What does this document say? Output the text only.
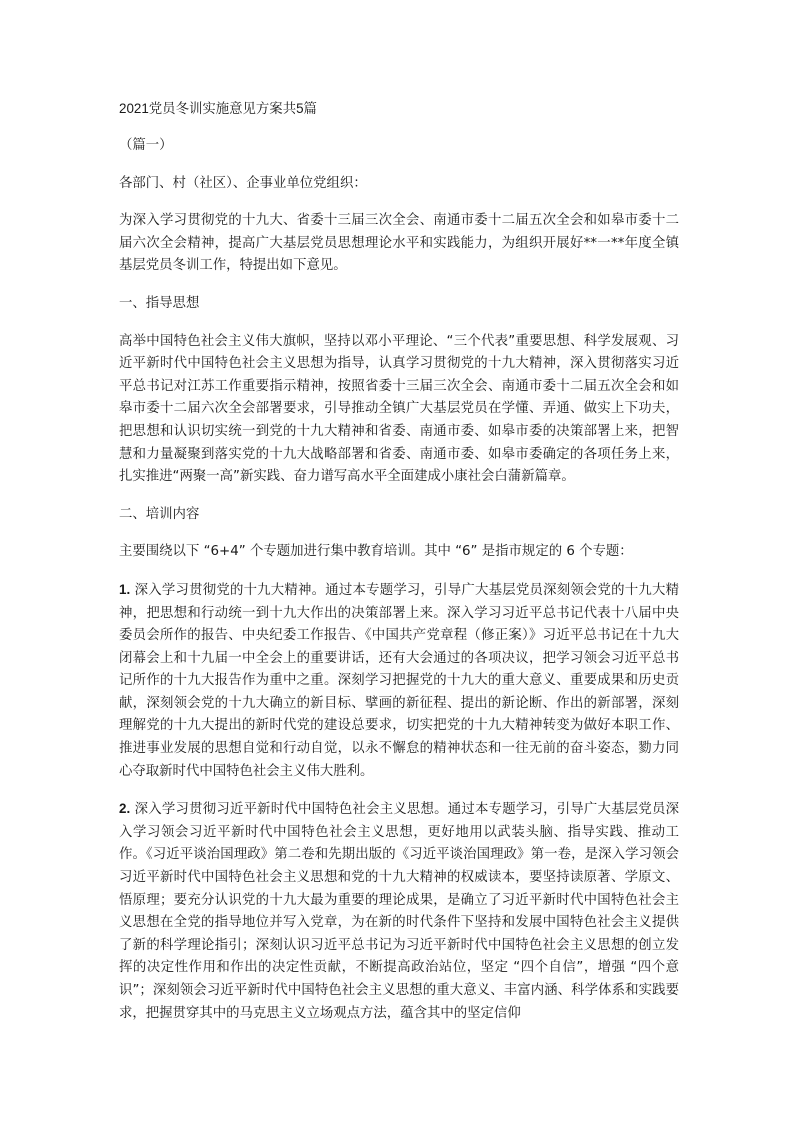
2021党员冬训实施意见方案共5篇

（篇一）

各部门、村（社区）、企事业单位党组织：

为深入学习贯彻党的十九大、省委十三届三次全会、南通市委十二届五次全会和如皋市委十二届六次全会精神，提高广大基层党员思想理论水平和实践能力，为组织开展好**一**年度全镇基层党员冬训工作，特提出如下意见。

一、指导思想

高举中国特色社会主义伟大旗帜，坚持以邓小平理论、“三个代表”重要思想、科学发展观、习近平新时代中国特色社会主义思想为指导，认真学习贯彻党的十九大精神，深入贯彻落实习近平总书记对江苏工作重要指示精神，按照省委十三届三次全会、南通市委十二届五次全会和如皋市委十二届六次全会部署要求，引导推动全镇广大基层党员在学懂、弄通、做实上下功夫，把思想和认识切实统一到党的十九大精神和省委、南通市委、如皋市委的决策部署上来，把智慧和力量凝聚到落实党的十九大战略部署和省委、南通市委、如皋市委确定的各项任务上来，扎实推进“两聚一高”新实践、奋力谱写高水平全面建成小康社会白蒲新篇章。

二、培训内容

主要围绕以下 “6+4” 个专题加进行集中教育培训。其中 “6” 是指市规定的 6 个专题：

1. 深入学习贯彻党的十九大精神。通过本专题学习，引导广大基层党员深刻领会党的十九大精神，把思想和行动统一到十九大作出的决策部署上来。深入学习习近平总书记代表十八届中央委员会所作的报告、中央纪委工作报告、《中国共产党章程（修正案）》习近平总书记在十九大闭幕会上和十九届一中全会上的重要讲话，还有大会通过的各项决议，把学习领会习近平总书记所作的十九大报告作为重中之重。深刻学习把握党的十九大的重大意义、重要成果和历史贡献，深刻领会党的十九大确立的新目标、擘画的新征程、提出的新论断、作出的新部署，深刻理解党的十九大提出的新时代党的建设总要求，切实把党的十九大精神转变为做好本职工作、推进事业发展的思想自觉和行动自觉，以永不懈怠的精神状态和一往无前的奋斗姿态，勠力同心夺取新时代中国特色社会主义伟大胜利。

2. 深入学习贯彻习近平新时代中国特色社会主义思想。通过本专题学习，引导广大基层党员深入学习领会习近平新时代中国特色社会主义思想，更好地用以武装头脑、指导实践、推动工作。《习近平谈治国理政》第二卷和先期出版的《习近平谈治国理政》第一卷，是深入学习领会习近平新时代中国特色社会主义思想和党的十九大精神的权威读本，要坚持读原著、学原文、悟原理；要充分认识党的十九大最为重要的理论成果，是确立了习近平新时代中国特色社会主义思想在全党的指导地位并写入党章，为在新的时代条件下坚持和发展中国特色社会主义提供了新的科学理论指引；深刻认识习近平总书记为习近平新时代中国特色社会主义思想的创立发挥的决定性作用和作出的决定性贡献，不断提高政治站位，坚定 “四个自信”，增强 “四个意识”；深刻领会习近平新时代中国特色社会主义思想的重大意义、丰富内涵、科学体系和实践要求，把握贯穿其中的马克思主义立场观点方法，蕴含其中的坚定信仰
